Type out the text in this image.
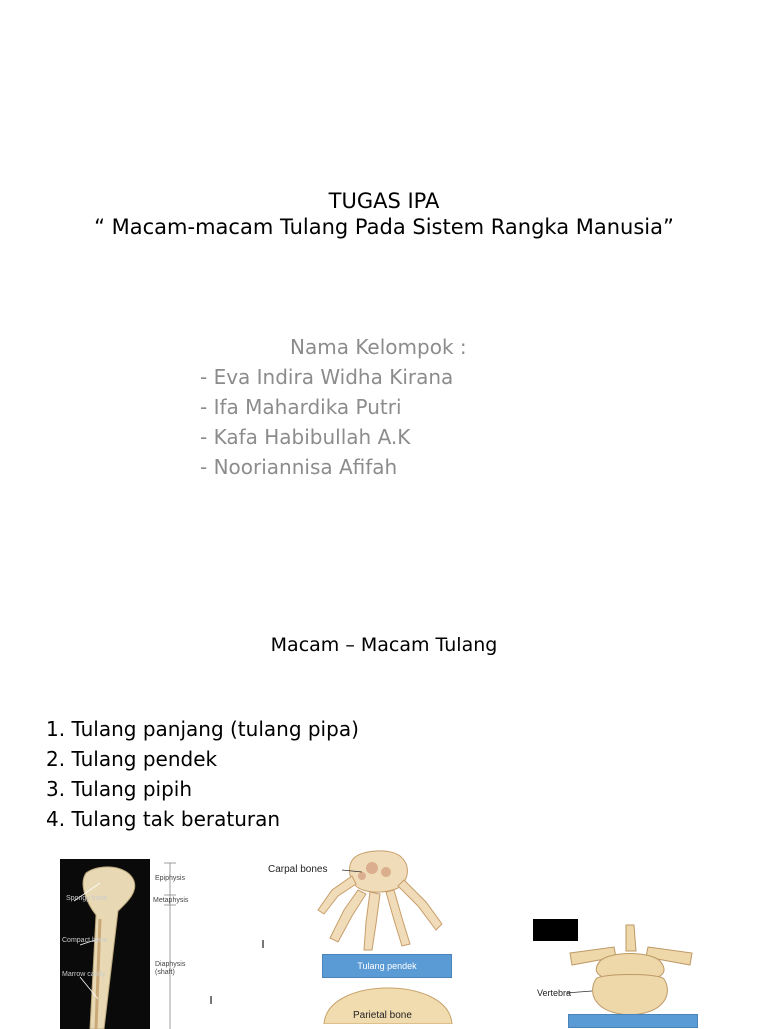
TUGAS IPA
“ Macam-macam Tulang Pada Sistem Rangka Manusia”
Nama Kelompok :
- Eva Indira Widha Kirana
- Ifa Mahardika Putri
- Kafa Habibullah A.K
- Nooriannisa Afifah
Macam – Macam Tulang
1. Tulang panjang (tulang pipa)
2. Tulang pendek
3. Tulang pipih
4. Tulang tak beraturan
Spongy bone
Compact bone
Marrow cavity
Epiphysis
Metaphysis
Diaphysis (shaft)
Carpal bones
Tulang pendek
Parietal bone
Vertebra
